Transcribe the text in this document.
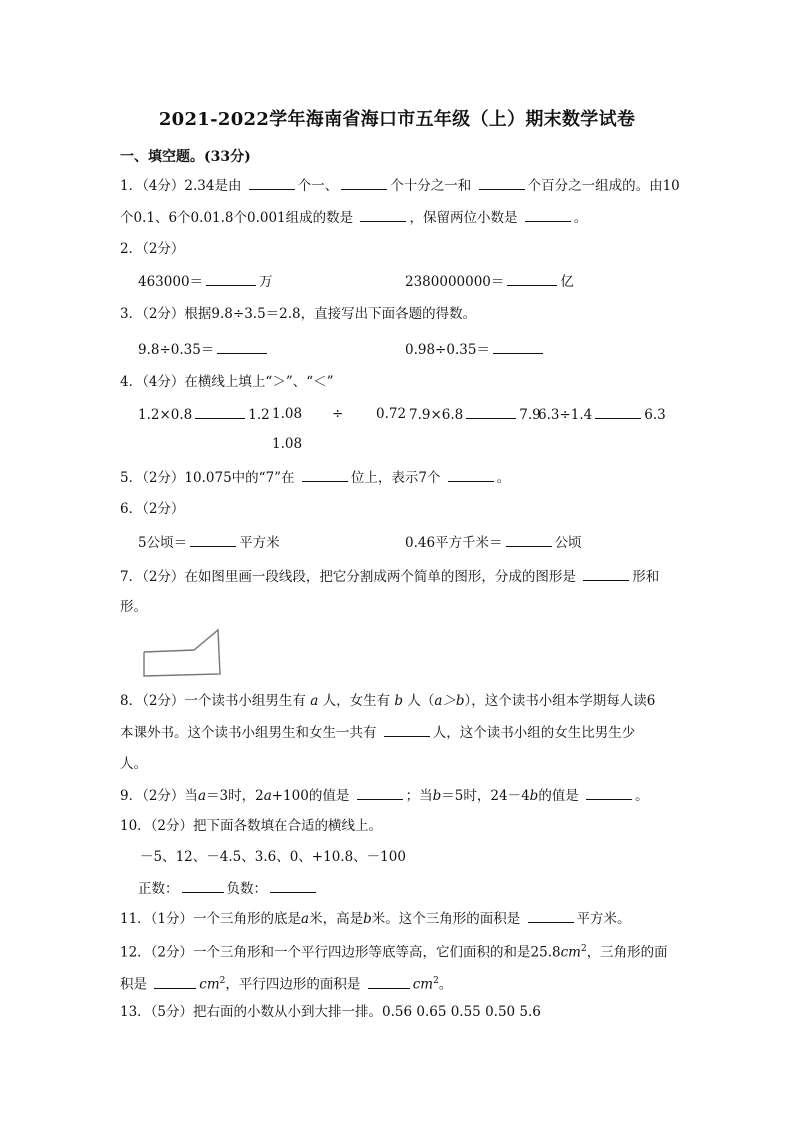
2021-2022学年海南省海口市五年级（上）期末数学试卷
一、填空题。(33分)
1．（4分）2.34是由	个一、	个十分之一和	个百分之一组成的。由10
个0.1、6个0.01.8个0.001组成的数是	，保留两位小数是	。
2．（2分）
463000＝	万	2380000000＝	亿
3．（2分）根据9.8÷3.5＝2.8，直接写出下面各题的得数。
9.8÷0.35＝	0.98÷0.35＝
4．（4分）在横线上填上“＞”、“＜”
1.2×0.8	1.2 1.08 ÷ 0.72
1.08
7.9×6.8	7.9
6.3÷1.4	6.3
5．（2分）10.075中的“7”在	位上，表示7个	。
6．（2分）
5公顷＝	平方米	0.46平方千米＝	公顷
7．（2分）在如图里画一段线段，把它分割成两个简单的图形，分成的图形是	形和
形。
8．（2分）一个读书小组男生有 a 人，女生有 b 人（a＞b），这个读书小组本学期每人读6
本课外书。这个读书小组男生和女生一共有	人，这个读书小组的女生比男生少
人。
9．（2分）当a＝3时，2a+100的值是	；当b＝5时，24－4b的值是	。
10．（2分）把下面各数填在合适的横线上。
－5、12、－4.5、3.6、0、+10.8、－100
正数：	负数：
11．（1分）一个三角形的底是a米，高是b米。这个三角形的面积是	平方米。
12．（2分）一个三角形和一个平行四边形等底等高，它们面积的和是$25.8cm^2$，三角形的面
积是	$cm^2$，平行四边形的面积是	$cm^2$。
13．（5分）把右面的小数从小到大排一排。0.56 0.65 0.55 0.50 5.6
